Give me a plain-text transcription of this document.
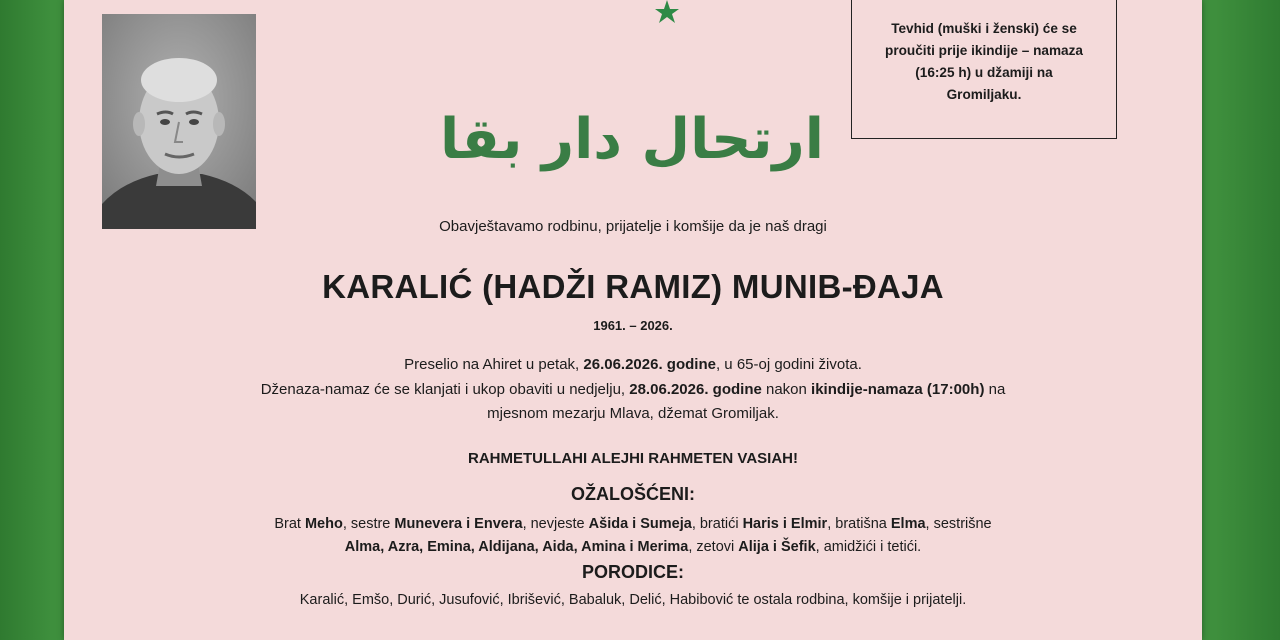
ارتحال دار بقا
Tevhid (muški i ženski) će se
proučiti prije ikindije – namaza
(16:25 h) u džamiji na
Gromiljaku.
Obavještavamo rodbinu, prijatelje i komšije da je naš dragi
KARALIĆ (HADŽI RAMIZ) MUNIB-ĐAJA
1961. – 2026.
Preselio na Ahiret u petak, 26.06.2026. godine, u 65-oj godini života.
Dženaza-namaz će se klanjati i ukop obaviti u nedjelju, 28.06.2026. godine nakon ikindije-namaza (17:00h) na
mjesnom mezarju Mlava, džemat Gromiljak.
RAHMETULLAHI ALEJHI RAHMETEN VASIAH!
OŽALOŠĆENI:
Brat Meho, sestre Munevera i Envera, nevjeste Ašida i Sumeja, bratići Haris i Elmir, bratišna Elma, sestrišne
Alma, Azra, Emina, Aldijana, Aida, Amina i Merima, zetovi Alija i Šefik, amidžići i tetići.
PORODICE:
Karalić, Emšo, Durić, Jusufović, Ibrišević, Babaluk, Delić, Habibović te ostala rodbina, komšije i prijatelji.
